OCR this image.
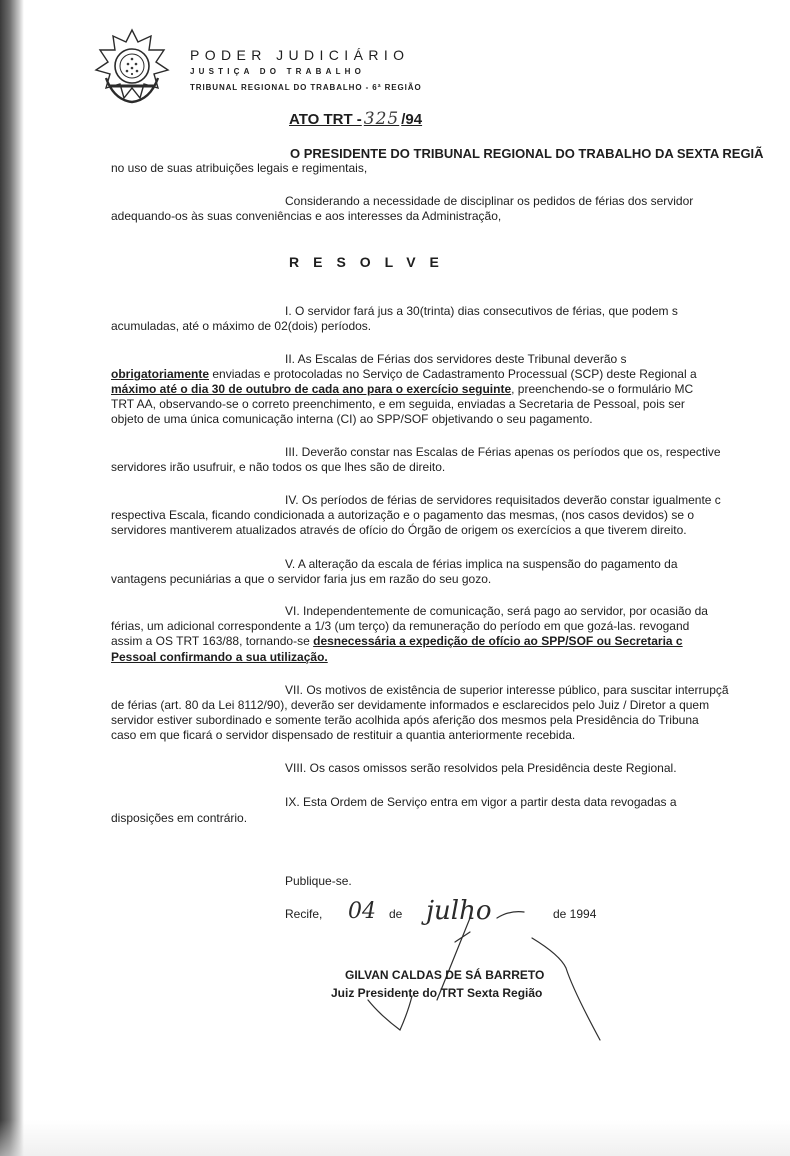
PODER JUDICIÁRIO
JUSTIÇA DO TRABALHO
TRIBUNAL REGIONAL DO TRABALHO - 6ª REGIÃO
ATO TRT - 325 /94
O PRESIDENTE DO TRIBUNAL REGIONAL DO TRABALHO DA SEXTA REGIÃ
no uso de suas atribuições legais e regimentais,
Considerando a necessidade de disciplinar os pedidos de férias dos servidor
adequando-os às suas conveniências e aos interesses da Administração,
RESOLVE
I. O servidor fará jus a 30(trinta) dias consecutivos de férias, que podem s
acumuladas, até o máximo de 02(dois) períodos.
II. As Escalas de Férias dos servidores deste Tribunal deverão s
obrigatoriamente enviadas e protocoladas no Serviço de Cadastramento Processual (SCP) deste Regional a
máximo até o dia 30 de outubro de cada ano para o exercício seguinte, preenchendo-se o formulário MC
TRT AA, observando-se o correto preenchimento, e em seguida, enviadas a Secretaria de Pessoal, pois ser
objeto de uma única comunicação interna (CI) ao SPP/SOF objetivando o seu pagamento.
III. Deverão constar nas Escalas de Férias apenas os períodos que os, respective
servidores irão usufruir, e não todos os que lhes são de direito.
IV. Os períodos de férias de servidores requisitados deverão constar igualmente c
respectiva Escala, ficando condicionada a autorização e o pagamento das mesmas, (nos casos devidos) se o
servidores mantiverem atualizados através de ofício do Órgão de origem os exercícios a que tiverem direito.
V. A alteração da escala de férias implica na suspensão do pagamento da
vantagens pecuniárias a que o servidor faria jus em razão do seu gozo.
VI. Independentemente de comunicação, será pago ao servidor, por ocasião da
férias, um adicional correspondente a 1/3 (um terço) da remuneração do período em que gozá-las. revogand
assim a OS TRT 163/88, tornando-se desnecessária a expedição de ofício ao SPP/SOF ou Secretaria c
Pessoal confirmando a sua utilização.
VII. Os motivos de existência de superior interesse público, para suscitar interrupçã
de férias (art. 80 da Lei 8112/90), deverão ser devidamente informados e esclarecidos pelo Juiz / Diretor a quem
servidor estiver subordinado e somente terão acolhida após aferição dos mesmos pela Presidência do Tribuna
caso em que ficará o servidor dispensado de restituir a quantia anteriormente recebida.
VIII. Os casos omissos serão resolvidos pela Presidência deste Regional.
IX. Esta Ordem de Serviço entra em vigor a partir desta data revogadas a
disposições em contrário.
Publique-se.
Recife, 04 de julho	de 1994
GILVAN CALDAS DE SÁ BARRETO
Juiz Presidente do TRT Sexta Região
